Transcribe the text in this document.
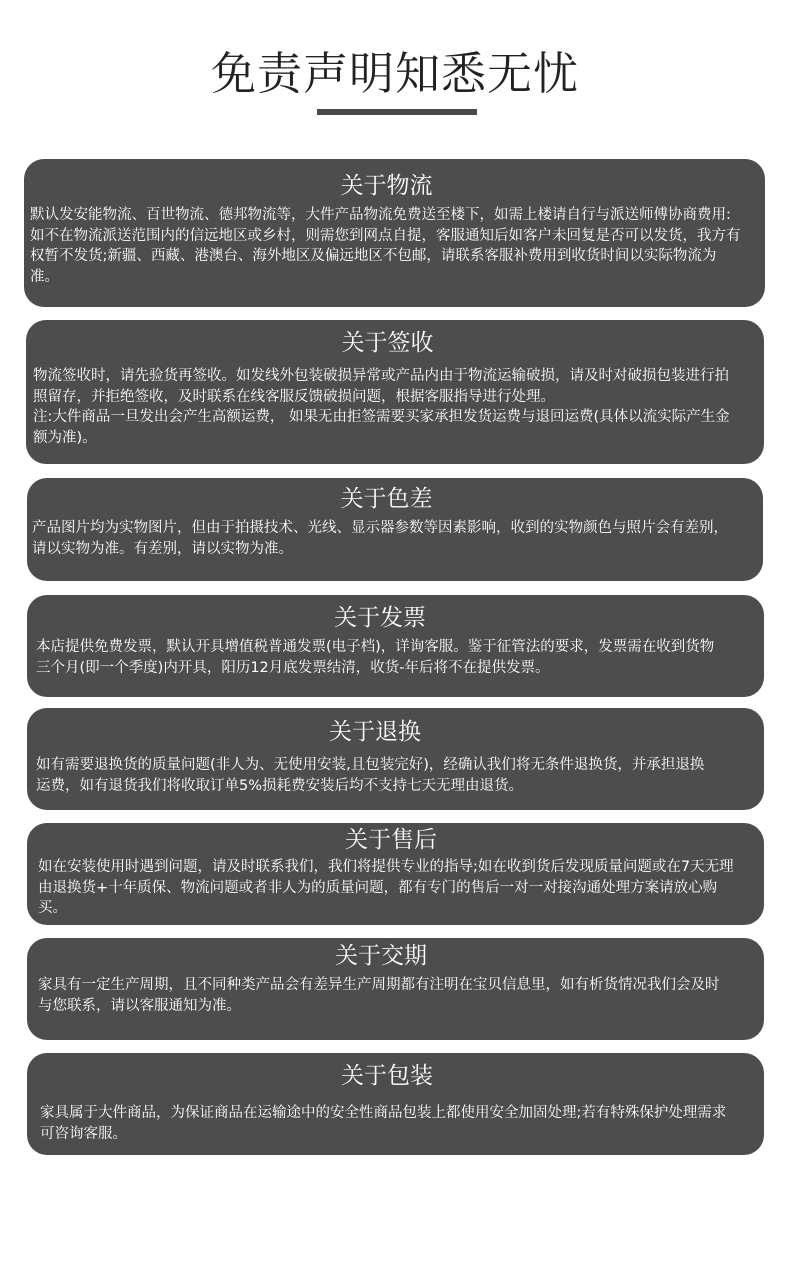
免责声明知悉无忧
关于物流
默认发安能物流、百世物流、德邦物流等，大件产品物流免费送至楼下，如需上楼请自行与派送师傅协商费用:如不在物流派送范围内的信远地区或乡村，则需您到网点自提，客服通知后如客户未回复是否可以发货，我方有权暂不发货;新疆、西藏、港澳台、海外地区及偏远地区不包邮，请联系客服补费用到收货时间以实际物流为准。
关于签收
物流签收时，请先验货再签收。如发线外包装破损异常或产品内由于物流运输破损，请及时对破损包装进行拍照留存，并拒绝签收，及时联系在线客服反馈破损问题，根据客服指导进行处理。
注:大件商品一旦发出会产生高额运费， 如果无由拒签需要买家承担发货运费与退回运费(具体以流实际产生金额为准)。
关于色差
产品图片均为实物图片，但由于拍摄技术、光线、显示器参数等因素影响，收到的实物颜色与照片会有差别，请以实物为准。有差别，请以实物为准。
关于发票
本店提供免费发票，默认开具增值税普通发票(电子档)，详询客服。鉴于征管法的要求，发票需在收到货物三个月(即一个季度)内开具，阳历12月底发票结清，收货-年后将不在提供发票。
关于退换
如有需要退换货的质量问题(非人为、无使用安装,且包装完好)，经确认我们将无条件退换货，并承担退换运费，如有退货我们将收取订单5%损耗费安装后均不支持七天无理由退货。
关于售后
如在安装使用时遇到问题，请及时联系我们，我们将提供专业的指导;如在收到货后发现质量问题或在7天无理由退换货+十年质保、物流问题或者非人为的质量问题，都有专门的售后一对一对接沟通处理方案请放心购买。
关于交期
家具有一定生产周期，且不同种类产品会有差异生产周期都有注明在宝贝信息里，如有析货情况我们会及时与您联系，请以客服通知为准。
关于包装
家具属于大件商品，为保证商品在运输途中的安全性商品包装上都使用安全加固处理;若有特殊保护处理需求可咨询客服。
